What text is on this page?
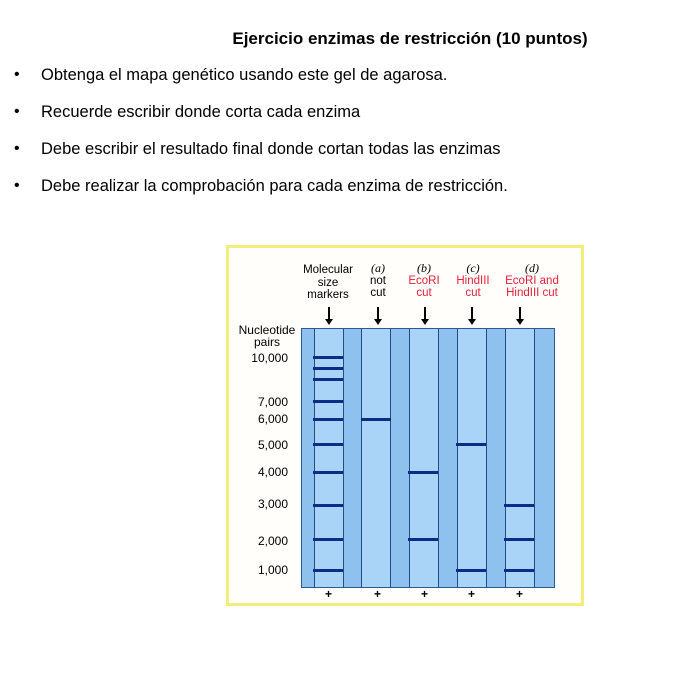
Ejercicio enzimas de restricción (10 puntos)
• Obtenga el mapa genético usando este gel de agarosa.
• Recuerde escribir donde corta cada enzima
• Debe escribir el resultado final donde cortan todas las enzimas
• Debe realizar la comprobación para cada enzima de restricción.
Molecular
size
markers
(a)
not
cut
(b)
EcoRI
cut
(c)
HindIII
cut
(d)
EcoRI and
HindIII cut
Nucleotide
pairs
10,000
7,000
6,000
5,000
4,000
3,000
2,000
1,000
+	+	+	+	+
